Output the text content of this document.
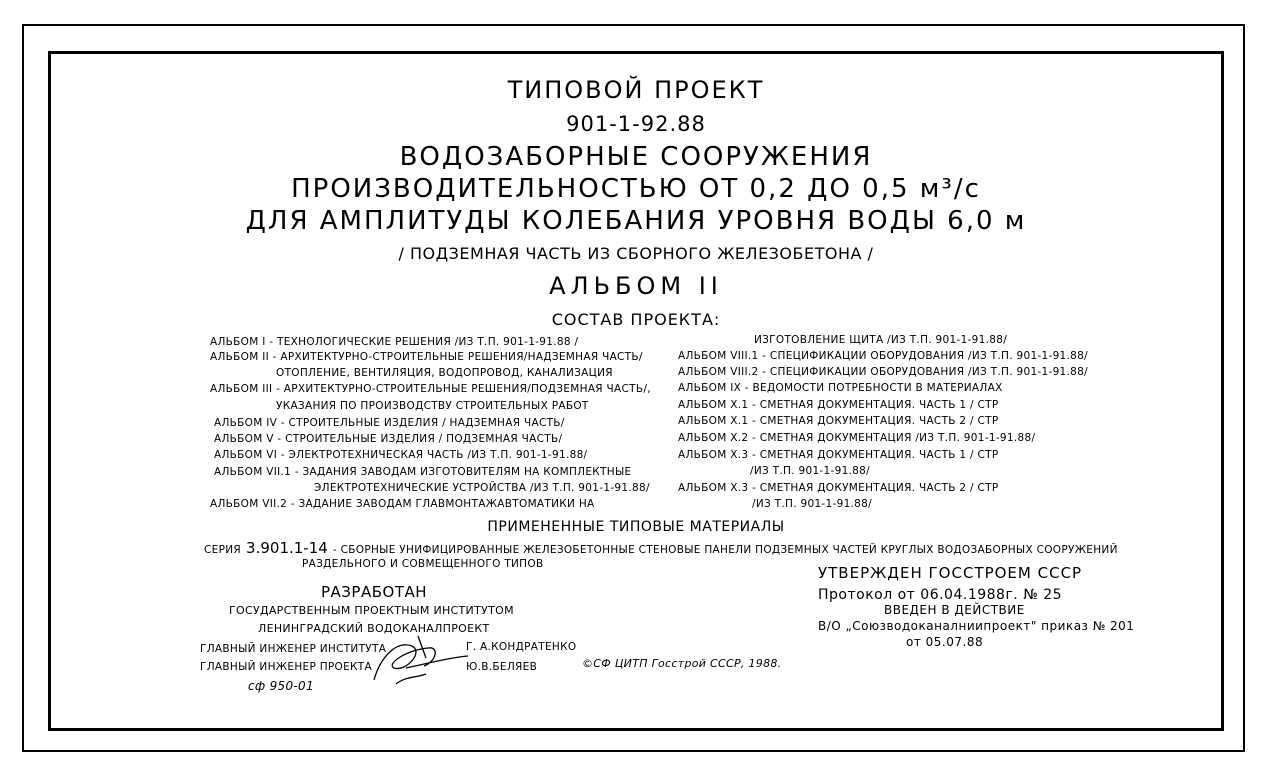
ТИПОВОЙ ПРОЕКТ
901-1-92.88
ВОДОЗАБОРНЫЕ СООРУЖЕНИЯ
ПРОИЗВОДИТЕЛЬНОСТЬЮ ОТ 0,2 ДО 0,5 м³/с
ДЛЯ АМПЛИТУДЫ КОЛЕБАНИЯ УРОВНЯ ВОДЫ 6,0 м
/ ПОДЗЕМНАЯ ЧАСТЬ ИЗ СБОРНОГО ЖЕЛЕЗОБЕТОНА /
АЛЬБОМ II
СОСТАВ ПРОЕКТА:
АЛЬБОМ I - ТЕХНОЛОГИЧЕСКИЕ РЕШЕНИЯ /ИЗ Т.П. 901-1-91.88 /
АЛЬБОМ II - АРХИТЕКТУРНО-СТРОИТЕЛЬНЫЕ РЕШЕНИЯ/НАДЗЕМНАЯ ЧАСТЬ/
ОТОПЛЕНИЕ, ВЕНТИЛЯЦИЯ, ВОДОПРОВОД, КАНАЛИЗАЦИЯ
АЛЬБОМ III - АРХИТЕКТУРНО-СТРОИТЕЛЬНЫЕ РЕШЕНИЯ/ПОДЗЕМНАЯ ЧАСТЬ/,
УКАЗАНИЯ ПО ПРОИЗВОДСТВУ СТРОИТЕЛЬНЫХ РАБОТ
АЛЬБОМ IV - СТРОИТЕЛЬНЫЕ ИЗДЕЛИЯ / НАДЗЕМНАЯ ЧАСТЬ/
АЛЬБОМ V - СТРОИТЕЛЬНЫЕ ИЗДЕЛИЯ / ПОДЗЕМНАЯ ЧАСТЬ/
АЛЬБОМ VI - ЭЛЕКТРОТЕХНИЧЕСКАЯ ЧАСТЬ /ИЗ Т.П. 901-1-91.88/
АЛЬБОМ VII.1 - ЗАДАНИЯ ЗАВОДАМ ИЗГОТОВИТЕЛЯМ НА КОМПЛЕКТНЫЕ
ЭЛЕКТРОТЕХНИЧЕСКИЕ УСТРОЙСТВА /ИЗ Т.П. 901-1-91.88/
АЛЬБОМ VII.2 - ЗАДАНИЕ ЗАВОДАМ ГЛАВМОНТАЖАВТОМАТИКИ НА
ИЗГОТОВЛЕНИЕ ЩИТА /ИЗ Т.П. 901-1-91.88/
АЛЬБОМ VIII.1 - СПЕЦИФИКАЦИИ ОБОРУДОВАНИЯ /ИЗ Т.П. 901-1-91.88/
АЛЬБОМ VIII.2 - СПЕЦИФИКАЦИИ ОБОРУДОВАНИЯ /ИЗ Т.П. 901-1-91.88/
АЛЬБОМ IX - ВЕДОМОСТИ ПОТРЕБНОСТИ В МАТЕРИАЛАХ
АЛЬБОМ X.1 - СМЕТНАЯ ДОКУМЕНТАЦИЯ. ЧАСТЬ 1 / СТР
АЛЬБОМ X.1 - СМЕТНАЯ ДОКУМЕНТАЦИЯ. ЧАСТЬ 2 / СТР
АЛЬБОМ X.2 - СМЕТНАЯ ДОКУМЕНТАЦИЯ /ИЗ Т.П. 901-1-91.88/
АЛЬБОМ X.3 - СМЕТНАЯ ДОКУМЕНТАЦИЯ. ЧАСТЬ 1 / СТР
/ИЗ Т.П. 901-1-91.88/
АЛЬБОМ X.3 - СМЕТНАЯ ДОКУМЕНТАЦИЯ. ЧАСТЬ 2 / СТР
/ИЗ Т.П. 901-1-91.88/
ПРИМЕНЕННЫЕ ТИПОВЫЕ МАТЕРИАЛЫ
СЕРИЯ 3.901.1-14 - СБОРНЫЕ УНИФИЦИРОВАННЫЕ ЖЕЛЕЗОБЕТОННЫЕ СТЕНОВЫЕ ПАНЕЛИ ПОДЗЕМНЫХ ЧАСТЕЙ КРУГЛЫХ ВОДОЗАБОРНЫХ СООРУЖЕНИЙ
РАЗДЕЛЬНОГО И СОВМЕЩЕННОГО ТИПОВ
РАЗРАБОТАН
ГОСУДАРСТВЕННЫМ ПРОЕКТНЫМ ИНСТИТУТОМ
ЛЕНИНГРАДСКИЙ ВОДОКАНАЛПРОЕКТ
ГЛАВНЫЙ ИНЖЕНЕР ИНСТИТУТА	Г. А.КОНДРАТЕНКО
ГЛАВНЫЙ ИНЖЕНЕР ПРОЕКТА	Ю.В.БЕЛЯЕВ
сф 950-01
©СФ ЦИТП Госстрой СССР, 1988.
УТВЕРЖДЕН ГОССТРОЕМ СССР
Протокол от 06.04.1988г. № 25
ВВЕДЕН В ДЕЙСТВИЕ
В/О „Союзводоканалниипроект" приказ № 201
от 05.07.88
